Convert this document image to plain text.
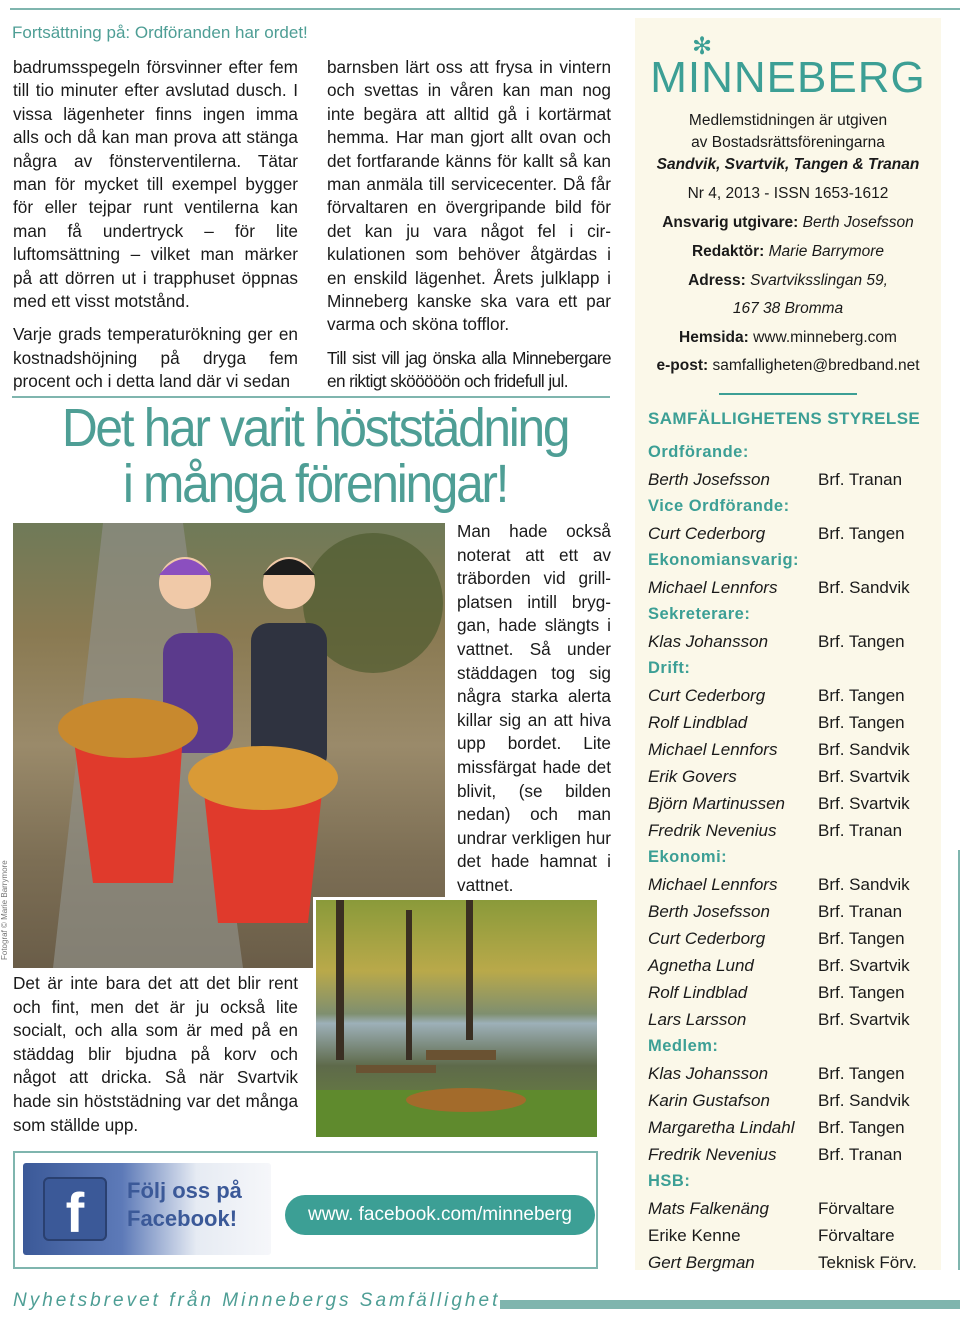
Fortsättning på: Ordföranden har ordet!

badrumsspegeln försvinner efter fem till tio minuter efter avslutad dusch. I vissa lägenheter finns ingen imma alls och då kan man prova att stänga några av fönsterventilerna. Tätar man för mycket till exempel bygger för eller tejpar runt ventilerna kan man få undertryck – för lite luftomsättning – vilket man märker på att dörren ut i trapphuset öppnas med ett visst motstånd.

Varje grads temperaturökning ger en kostnadshöjning på dryga fem procent och i detta land där vi sedan

barnsben lärt oss att frysa in vintern och svettas in våren kan man nog inte begära att alltid gå i kortärmat hemma. Har man gjort allt ovan och det fortfarande känns för kallt så kan man anmäla till servicecenter. Då får förvaltaren en övergripande bild för det kan ju vara något fel i cirkulationen som behöver åtgärdas i en enskild lägenhet. Årets julklapp i Minneberg kanske ska vara ett par varma och sköna tofflor.

Till sist vill jag önska alla Minnebergare en riktigt skööööön och fridefull jul.

Det har varit höststädning
i många föreningar!
Fotograf © Marie Barrymore
Man hade också noterat att ett av träborden vid grillplatsen intill bryggan, hade slängts i vattnet. Så under städdagen tog sig några starka alerta killar sig an att hiva upp bordet. Lite missfärgat hade det blivit, (se bilden nedan) och man undrar verkligen hur det hade hamnat i vattnet.
Det är inte bara det att det blir rent och fint, men det är ju också lite socialt, och alla som är med på en städdag blir bjudna på korv och något att dricka. Så när Svartvik hade sin höststädning var det många som ställde upp.
f	Följ oss på Facebook!	www. facebook.com/minneberg
Nyhetsbrevet från Minnebergs Samfällighet
✻
MINNEBERG
Medlemstidningen är utgiven
av Bostadsrättsföreningarna
Sandvik, Svartvik, Tangen & Tranan
Nr 4, 2013 - ISSN 1653-1612
Ansvarig utgivare: Berth Josefsson
Redaktör: Marie Barrymore
Adress: Svartviksslingan 59,
167 38 Bromma
Hemsida: www.minneberg.com
e-post: samfalligheten@bredband.net
SAMFÄLLIGHETENS STYRELSE
Ordförande:
Berth Josefsson	Brf. Tranan
Vice Ordförande:
Curt Cederborg	Brf. Tangen
Ekonomiansvarig:
Michael Lennfors Brf. Sandvik
Sekreterare:
Klas Johansson	Brf. Tangen
Drift:
Curt Cederborg	Brf. Tangen
Rolf Lindblad	Brf. Tangen
Michael Lennfors Brf. Sandvik
Erik Govers	Brf. Svartvik
Björn Martinussen Brf. Svartvik
Fredrik Nevenius Brf. Tranan
Ekonomi:
Michael Lennfors Brf. Sandvik
Berth Josefsson	Brf. Tranan
Curt Cederborg	Brf. Tangen
Agnetha Lund	Brf. Svartvik
Rolf Lindblad	Brf. Tangen
Lars Larsson	Brf. Svartvik
Medlem:
Klas Johansson	Brf. Tangen
Karin Gustafson	Brf. Sandvik
Margaretha Lindahl Brf. Tangen
Fredrik Nevenius Brf. Tranan
HSB:
Mats Falkenäng	Förvaltare
Erike Kenne	Förvaltare
Gert Bergman	Teknisk Förv.
